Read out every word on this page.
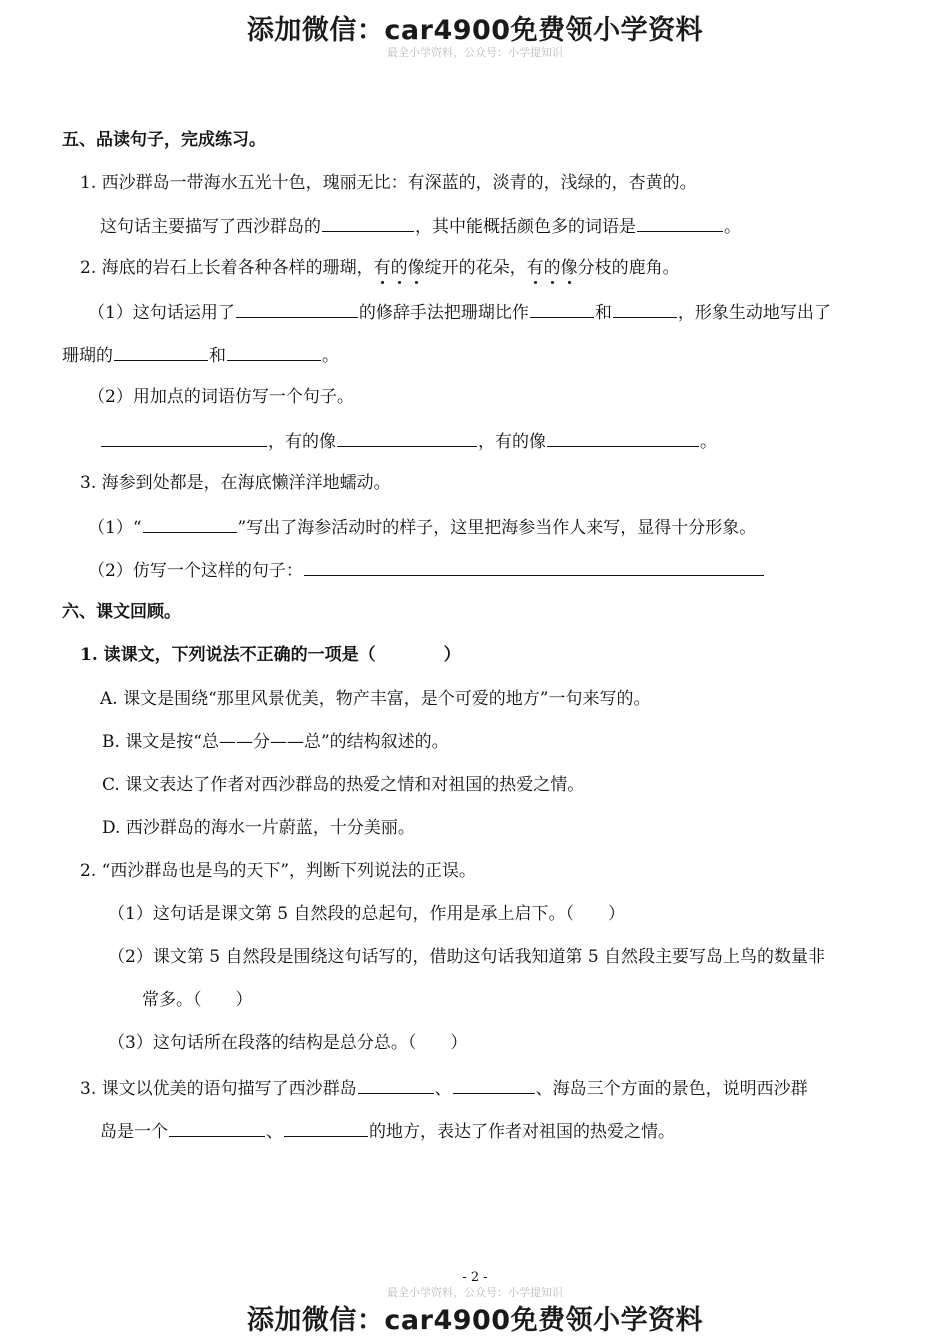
添加微信：car4900免费领小学资料
最全小学资料，公众号：小学提知识
五、品读句子，完成练习。
1. 西沙群岛一带海水五光十色，瑰丽无比：有深蓝的，淡青的，浅绿的，杏黄的。
这句话主要描写了西沙群岛的	，其中能概括颜色多的词语是	。
2. 海底的岩石上长着各种各样的珊瑚，有的像绽开的花朵，有的像分枝的鹿角。
（1）这句话运用了	的修辞手法把珊瑚比作	和	，形象生动地写出了
珊瑚的	和	。
（2）用加点的词语仿写一个句子。
，有的像	，有的像	。
3. 海参到处都是，在海底懒洋洋地蠕动。
（1）“	”写出了海参活动时的样子，这里把海参当作人来写，显得十分形象。
（2）仿写一个这样的句子：
六、课文回顾。
1. 读课文，下列说法不正确的一项是（　　　　）
A. 课文是围绕“那里风景优美，物产丰富，是个可爱的地方”一句来写的。
B. 课文是按“总——分——总”的结构叙述的。
C. 课文表达了作者对西沙群岛的热爱之情和对祖国的热爱之情。
D. 西沙群岛的海水一片蔚蓝，十分美丽。
2. “西沙群岛也是鸟的天下”，判断下列说法的正误。
（1）这句话是课文第 5 自然段的总起句，作用是承上启下。（　　）
（2）课文第 5 自然段是围绕这句话写的，借助这句话我知道第 5 自然段主要写岛上鸟的数量非
常多。（　　）
（3）这句话所在段落的结构是总分总。（　　）
3. 课文以优美的语句描写了西沙群岛	、	、海岛三个方面的景色，说明西沙群
岛是一个	、	的地方，表达了作者对祖国的热爱之情。
- 2 -
最全小学资料，公众号：小学提知识
添加微信：car4900免费领小学资料
